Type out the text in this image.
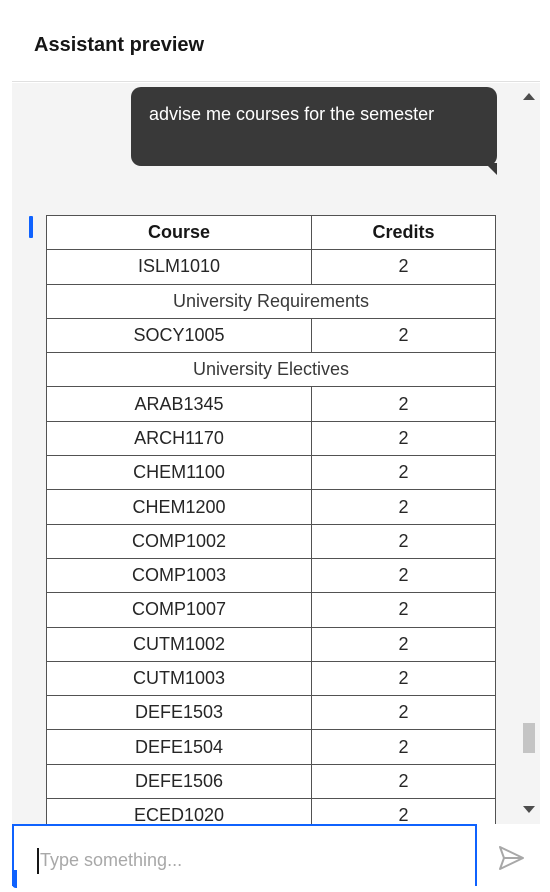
Assistant preview
advise me courses for the semester
Course	Credits
ISLM1010	2
University Requirements	
SOCY1005	2
University Electives	
ARAB1345	2
ARCH1170	2
CHEM1100	2
CHEM1200	2
COMP1002	2
COMP1003	2
COMP1007	2
CUTM1002	2
CUTM1003	2
DEFE1503	2
DEFE1504	2
DEFE1506	2
ECED1020	2
Type something...
